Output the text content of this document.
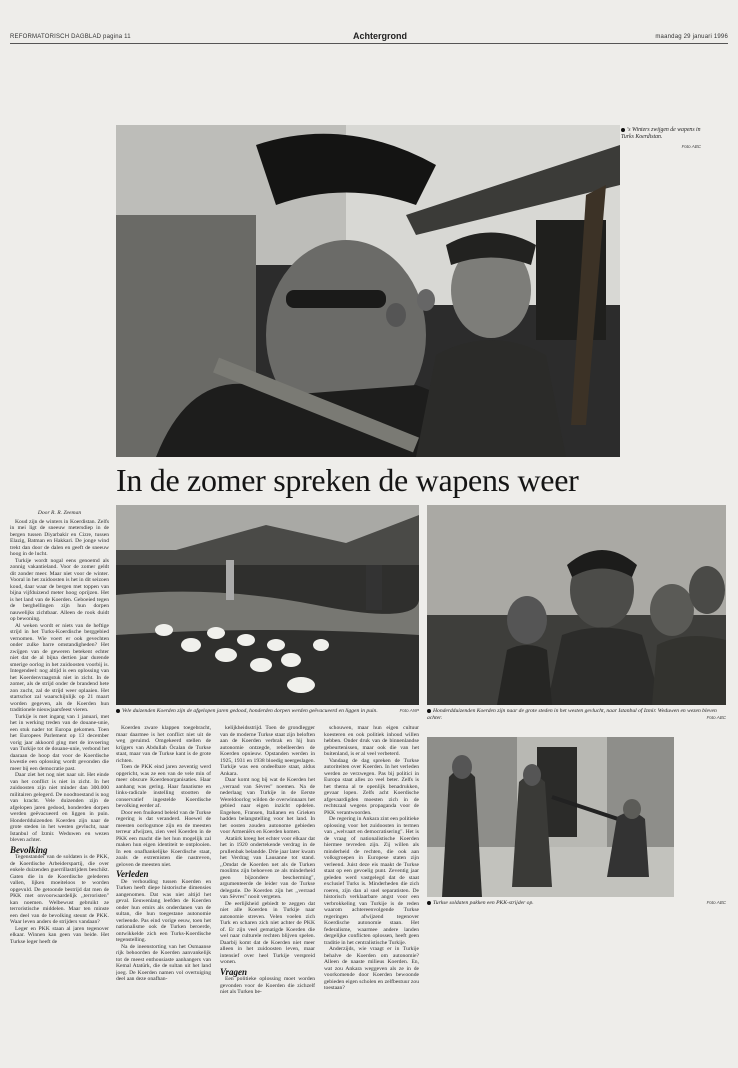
REFORMATORISCH DAGBLAD pagina 11	Achtergrond	maandag 29 januari 1996
's Winters zwijgen de wapens in Turks Koerdistan.
Foto ABC
In de zomer spreken de wapens weer
Vele duizenden Koerden zijn de afgelopen jaren gedood, honderden dorpen werden geëvacueerd en liggen in puin.	Foto ANP	Honderdduizenden Koerden zijn naar de grote steden in het westen gevlucht, naar Istanbul of Izmir. Weduwen en wezen bleven achter.	Foto ABC
Turkse soldaten pakken een PKK-strijder op.	Foto ABC

Door R. R. Zeeman

Koud zijn de winters in Koerdistan. Zelfs in mei ligt de sneeuw metersdiep in de bergen tussen Diyarbakir en Cizre, tussen Elazig, Batman en Hakkari. De jonge wind trekt dan door de dalen en geeft de sneeuw hoog in de lucht.

Turkije wordt nogal eens genoemd als zonnig vakantieland. Voor de zomer geldt dit zonder meer. Maar niet voor de winter. Vooral in het zuidoosten is het in dit seizoen koud, daar waar de bergen met toppen van bijna vijfduizend meter hoog oprijzen. Het is het land van de Koerden. Geboeied tegen de berghellingen zijn hun dorpen nauwelijks zichtbaar. Alleen de rook duidt op bewoning.

Al weken wordt er niets van de heftige strijd in het Turks-Koerdische berggebied vernomen. Wie voert er ook gevechten onder zulke barre omstandigheden? Het zwijgen van de geweren betekent echter niet dat de al bijna dertien jaar durende smerige oorlog in het zuidoosten voorbij is. Integendeel: nog altijd is een oplossing van het Koerdenvraagstuk niet in zicht. In de zomer, als de strijd onder de brandend hete zon zucht, zal de strijd weer oplaaien. Het startschot zal waarschijnlijk op 21 maart worden gegeven, als de Koerden hun traditionele nieuwjaarsfeest vieren.

Turkije is met ingang van 1 januari, met het in werking treden van de douane-unie, een stuk nader tot Europa gekomen. Toen het Europees Parlement op 13 december vorig jaar akkoord ging met de invoering van Turkije tot de douane-unie, verbond het daaraan de hoop dat voor de Koerdische kwestie een oplossing wordt gevonden die meer bij een democratie past.

Daar ziet het nog niet naar uit. Het einde van het conflict is niet in zicht. In het zuidoosten zijn niet minder dan 300.000 militairen gelegerd. De noodtoestand is nog van kracht. Vele duizenden zijn de afgelopen jaren gedood, honderden dorpen werden geëvacueerd en liggen in puin. Honderdduizenden Koerden zijn naar de grote steden in het westen gevlucht, naar Istanbul of Izmir. Weduwen en wezen bleven achter.

Bevolking

Tegenstander van de soldaten is de PKK, de Koerdische Arbeiderspartij, die over enkele duizenden guerrillastrijders beschikt. Gaten die in de Koerdische gelederen vallen, lijken moeiteloos te worden opgevuld. De getoonde bestrijd dat men de PKK met onvoorwaardelijk ,,terroristen" kan noemen. Welbewust gebruikt ze terroristische middelen. Maar ten minste een deel van de bevolking steunt de PKK. Waar leven anders de strijders vandaan?

Leger en PKK staan al jaren tegenover elkaar. Winnen kan geen van beide. Het Turkse leger heeft de

Koerden zware klappen toegebracht, maar daarmee is het conflict niet uit de weg geruimd. Omgekeerd stellen de krijgers van Abdullah Öcalan de Turkse staat, maar van de Turkse kant is de grote richten.

Toen de PKK eind jaren zeventig werd opgericht, was ze een van de vele min of meer obscure Koerdenorganisaties. Haar aanhang was gering. Haar fanatisme en links-radicale instelling stootten de conservatief ingestelde Koerdische bevolking eerder af.

Door een fnuikend beleid van de Turkse regering is dat veranderd. Hoewel de meesten oorlogsmoe zijn en de meesten terreur afwijzen, zien veel Koerden in de PKK een macht die het hun mogelijk zal maken hun eigen identiteit te ontplooien. In een onafhankelijke Koerdische staat, zoals de extremisten die nastreven, geloven de meesten niet.

Verleden

De verhouding tussen Koerden en Turken heeft diepe historische dimensies aangenomen. Dat was niet altijd het geval. Eeuwenlang leefden de Koerden onder hun emirs als onderdanen van de sultan, die hun toegestane autonomie verleende. Pas eind vorige eeuw, toen het nationalisme ook de Turken beroerde, ontwikkelde zich een Turks-Koerdische tegenstelling.

Na de ineenstorting van het Osmaanse rijk behoorden de Koerden aanvankelijk tot de meest enthousiaste aanhangers van Kemal Atatürk, die de sultan uit het land joeg. De Koerden namen vol overtuiging deel aan deze onafhan-

kelijkheidsstrijd. Toen de grondlegger van de moderne Turkse staat zijn beloften aan de Koerden verbrak en hij hun autonomie ontzegde, rebelleerden de Koerden opnieuw. Opstanden werden in 1925, 1931 en 1938 bloedig neergeslagen. Turkije was een ondeelbare staat, aldus Ankara.

Daar komt nog bij wat de Koerden het ,,verraad van Sèvres" noemen. Na de nederlaag van Turkije in de Eerste Wereldoorlog wilden de overwinnaars het gebied naar eigen inzicht opdelen. Engelsen, Fransen, Italianen en Grieken hadden belangstelling voor het land. In het oosten zouden autonome gebieden voor Armeniërs en Koerden komen.

Atatürk kreeg het echter voor elkaar dat het in 1920 ondertekende verdrag in de prullenbak belandde. Drie jaar later kwam het Verdrag van Lausanne tot stand. ,,Omdat de Koerden net als de Turken moslims zijn behoeven ze als minderheid geen bijzondere bescherming", argumenteerde de leider van de Turkse delegatie. De Koerden zijn het ,,verraad van Sèvres" nooit vergeten.

De eerlijkheid gebiedt te zeggen dat niet alle Koerden in Turkije naar autonomie streven. Velen voelen zich Turk en scharen zich niet achter de PKK of. Er zijn veel gematigde Koerden die wel naar culturele rechten blijven spelen. Daarbij komt dat de Koerden niet meer alleen in het zuidoosten leven, maar intensief over heel Turkije verspreid wonen.

Vragen

Een politieke oplossing moet worden gevonden voor de Koerden die zichzelf niet als Turken be-

schouwen, maar hun eigen cultuur koesteren en ook politiek inhoud willen hebben. Onder druk van de binnenlandse gebeurtenissen, maar ook die van het buitenland, is er al veel verbeterd.

Vandaag de dag spreken de Turkse autoriteiten over Koerden. In het verleden werden ze verzwegen. Pas bij politici in Europa staat alles zo veel beter. Zelfs is het thema al te openlijk benadrukken, gevaar lopen. Zelfs acht Koerdische afgevaardigden moesten zich in de rechtszaal wegens propaganda voor de PKK verantwoorden.

De regering in Ankara zint een politieke oplossing voor het zuidoosten in termen van ,,welvaart en democratisering". Het is de vraag of nationalistische Koerden hiermee tevreden zijn. Zij willen als minderheid de rechten, die ook aan volksgroepen in Europese staten zijn verleend. Juist deze eis maakt de Turkse staat op een gevoelig punt. Zeventig jaar geleden werd vastgelegd dat de staat exclusief Turks is. Minderheden die zich roeren, zijn dan al snel separatisten. De historisch verklaarbare angst voor een verbrokkeling van Turkije is de reden waarom achtereenvolgende Turkse regeringen afwijzend tegenover Koerdische autonomie staan. Het federalisme, waarmee andere landen dergelijke conflicten oplossen, heeft geen traditie in het centralistische Turkije.

Anderzijds, wie vraagt er in Turkije behalve de Koerden om autonomie? Alleen de naaste milieus Koerden. En, wat zou Ankara weggeven als ze in de voorkomende door Koerden bewoonde gebieden eigen scholen en zelfbestuur zou toestaan?
